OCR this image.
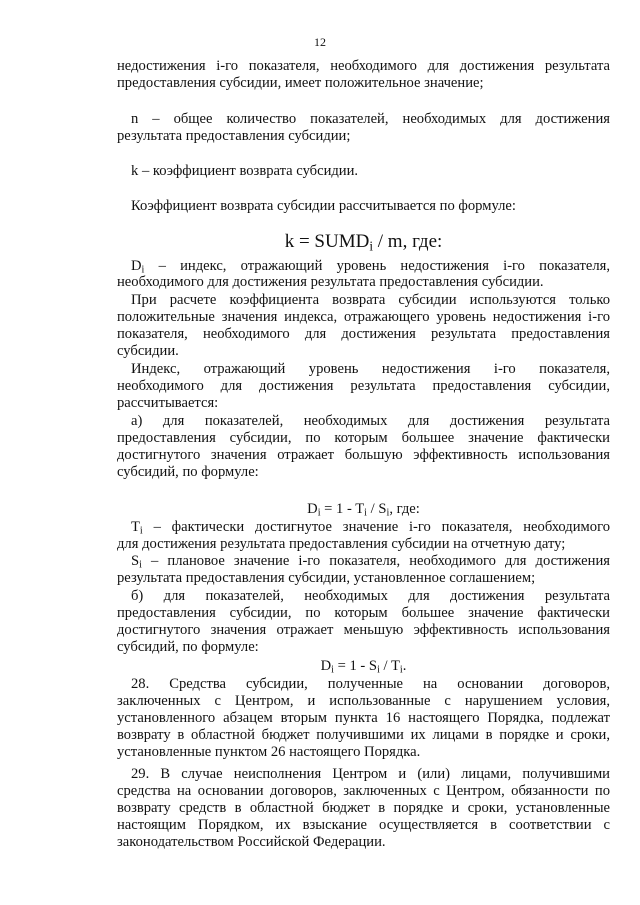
12
недостижения i-го показателя, необходимого для достижения результата
предоставления субсидии, имеет положительное значение;
n – общее количество показателей, необходимых для достижения
результата предоставления субсидии;
k – коэффициент возврата субсидии.
Коэффициент возврата субсидии рассчитывается по формуле:
$k = SUMD_i / m$, где:
$D_i$ – индекс, отражающий уровень недостижения i-го показателя,
необходимого для достижения результата предоставления субсидии.
При расчете коэффициента возврата субсидии используются только
положительные значения индекса, отражающего уровень недостижения i-го
показателя, необходимого для достижения результата предоставления
субсидии.
Индекс, отражающий уровень недостижения i-го показателя,
необходимого для достижения результата предоставления субсидии,
рассчитывается:
а) для показателей, необходимых для достижения результата
предоставления субсидии, по которым большее значение фактически
достигнутого значения отражает большую эффективность использования
субсидий, по формуле:
$D_i = 1 - T_i / S_i$, где:
$T_i$ – фактически достигнутое значение i-го показателя, необходимого
для достижения результата предоставления субсидии на отчетную дату;
$S_i$ – плановое значение i-го показателя, необходимого для достижения
результата предоставления субсидии, установленное соглашением;
б) для показателей, необходимых для достижения результата
предоставления субсидии, по которым большее значение фактически
достигнутого значения отражает меньшую эффективность использования
субсидий, по формуле:
$D_i = 1 - S_i / T_i$.
28. Средства субсидии, полученные на основании договоров,
заключенных с Центром, и использованные с нарушением условия,
установленного абзацем вторым пункта 16 настоящего Порядка, подлежат
возврату в областной бюджет получившими их лицами в порядке и сроки,
установленные пунктом 26 настоящего Порядка.
29. В случае неисполнения Центром и (или) лицами, получившими
средства на основании договоров, заключенных с Центром, обязанности по
возврату средств в областной бюджет в порядке и сроки, установленные
настоящим Порядком, их взыскание осуществляется в соответствии с
законодательством Российской Федерации.
